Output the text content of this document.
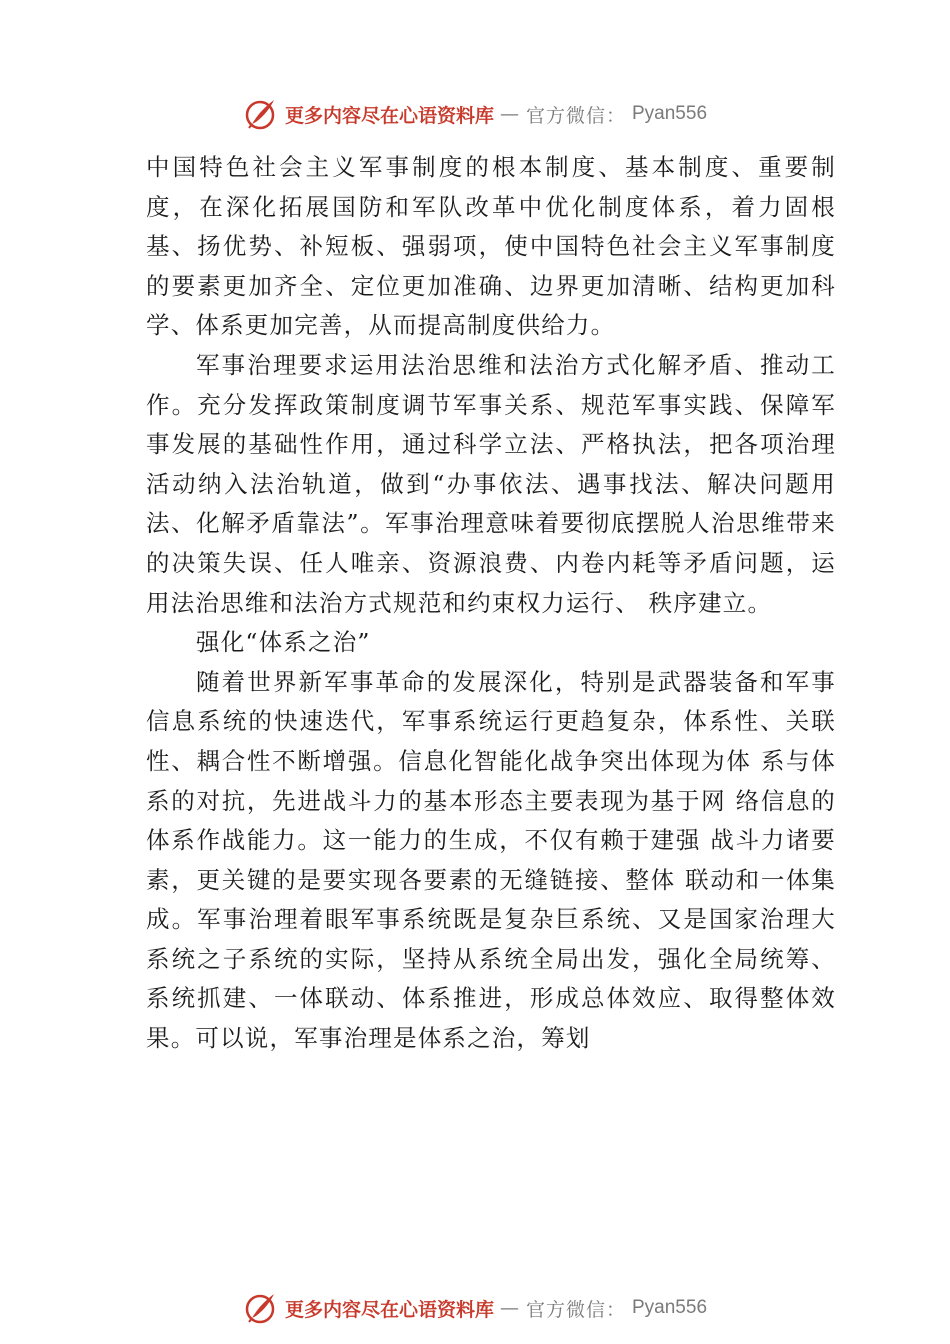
更多内容尽在心语资料库 — 官方微信： Pyan556

中国特色社会主义军事制度的根本制度、基本制度、重要制度，在深化拓展国防和军队改革中优化制度体系，着力固根基、扬优势、补短板、强弱项，使中国特色社会主义军事制度的要素更加齐全、定位更加准确、边界更加清晰、结构更加科学、体系更加完善，从而提高制度供给力。

军事治理要求运用法治思维和法治方式化解矛盾、推动工作。充分发挥政策制度调节军事关系、规范军事实践、保障军事发展的基础性作用，通过科学立法、严格执法，把各项治理活动纳入法治轨道，做到“办事依法、遇事找法、解决问题用法、化解矛盾靠法”。军事治理意味着要彻底摆脱人治思维带来的决策失误、任人唯亲、资源浪费、内卷内耗等矛盾问题，运用法治思维和法治方式规范和约束权力运行、 秩序建立。

强化“体系之治”

随着世界新军事革命的发展深化，特别是武器装备和军事信息系统的快速迭代，军事系统运行更趋复杂，体系性、关联性、耦合性不断增强。信息化智能化战争突出体现为体 系与体系的对抗，先进战斗力的基本形态主要表现为基于网 络信息的体系作战能力。这一能力的生成，不仅有赖于建强 战斗力诸要素，更关键的是要实现各要素的无缝链接、整体 联动和一体集成。军事治理着眼军事系统既是复杂巨系统、又是国家治理大系统之子系统的实际，坚持从系统全局出发，强化全局统筹、系统抓建、一体联动、体系推进，形成总体效应、取得整体效果。可以说，军事治理是体系之治，筹划

更多内容尽在心语资料库 — 官方微信： Pyan556
